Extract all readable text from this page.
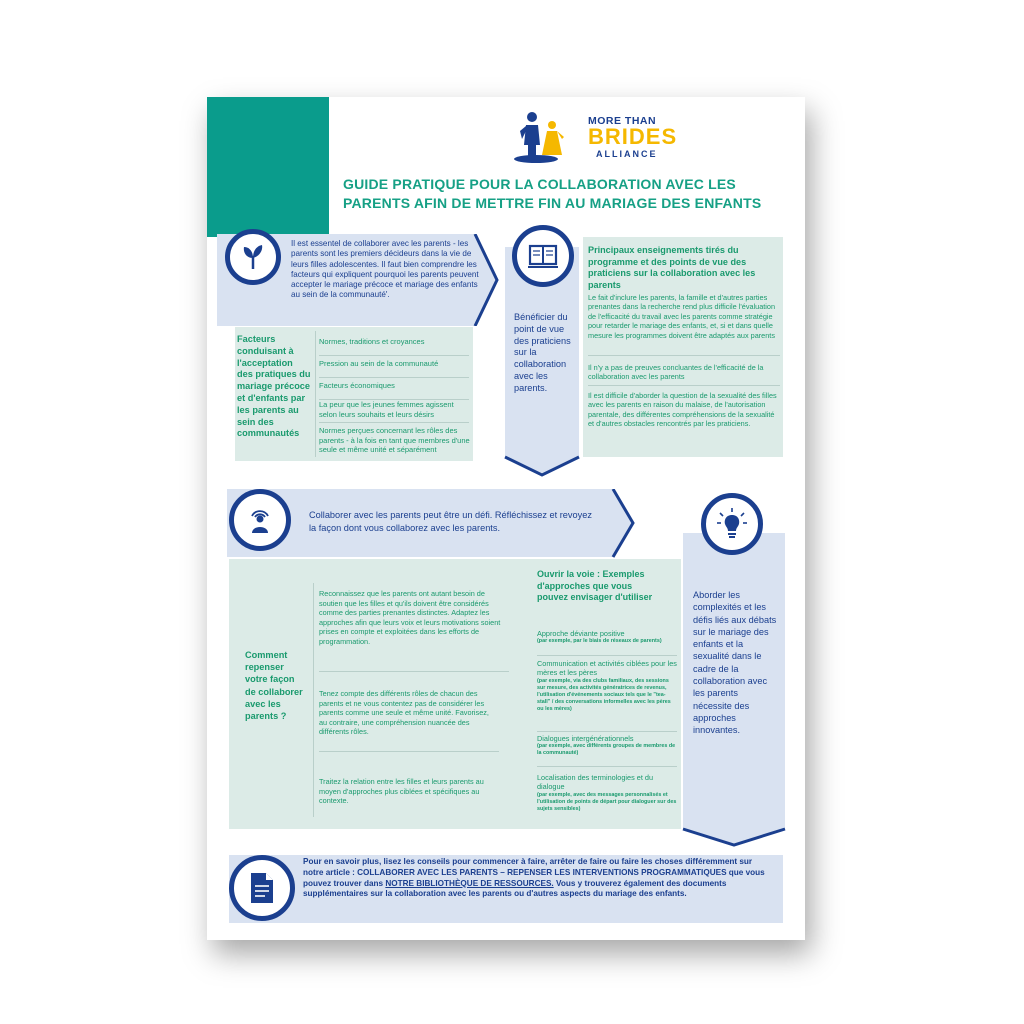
MORE THAN
BRIDES
ALLIANCE
GUIDE PRATIQUE POUR LA COLLABORATION AVEC LES PARENTS AFIN DE METTRE FIN AU MARIAGE DES ENFANTS
Il est essentel de collaborer avec les parents - les parents sont les premiers décideurs dans la vie de leurs filles adolescentes. Il faut bien comprendre les facteurs qui expliquent pourquoi les parents peuvent accepter le mariage précoce et mariage des enfants au sein de la communauté'.
Facteurs conduisant à l'acceptation des pratiques du mariage précoce et d'enfants par les parents au sein des communautés
Normes, traditions et croyances
Pression au sein de la communauté
Facteurs économiques
La peur que les jeunes femmes agissent selon leurs souhaits et leurs désirs
Normes perçues concernant les rôles des parents - à la fois en tant que membres d'une seule et même unité et séparément
Bénéficier du point de vue des praticiens sur la collaboration avec les parents.
Principaux enseignements tirés du programme et des points de vue des praticiens sur la collaboration avec les parents
Le fait d'inclure les parents, la famille et d'autres parties prenantes dans la recherche rend plus difficile l'évaluation de l'efficacité du travail avec les parents comme stratégie pour retarder le mariage des enfants, et, si et dans quelle mesure les programmes doivent être adaptés aux parents
Il n'y a pas de preuves concluantes de l'efficacité de la collaboration avec les parents
Il est difficile d'aborder la question de la sexualité des filles avec les parents en raison du malaise, de l'autorisation parentale, des différentes compréhensions de la sexualité et d'autres obstacles rencontrés par les praticiens.
Collaborer avec les parents peut être un défi. Réfléchissez et revoyez la façon dont vous collaborez avec les parents.
Comment repenser votre façon de collaborer avec les parents ?
Reconnaissez que les parents ont autant besoin de soutien que les filles et qu'ils doivent être considérés comme des parties prenantes distinctes. Adaptez les approches afin que leurs voix et leurs motivations soient prises en compte et exploitées dans les efforts de programmation.
Tenez compte des différents rôles de chacun des parents et ne vous contentez pas de considérer les parents comme une seule et même unité. Favorisez, au contraire, une compréhension nuancée des différents rôles.
Traitez la relation entre les filles et leurs parents au moyen d'approches plus ciblées et spécifiques au contexte.
Ouvrir la voie : Exemples d'approches que vous pouvez envisager d'utiliser
Approche déviante positive
(par exemple, par le biais de réseaux de parents)
Communication et activités ciblées pour les mères et les pères
(par exemple, via des clubs familiaux, des sessions sur mesure, des activités génératrices de revenus, l'utilisation d'événements sociaux tels que le "tea-stall" / des conversations informelles avec les pères ou les mères)
Dialogues intergénérationnels
(par exemple, avec différents groupes de membres de la communauté)
Localisation des terminologies et du dialogue
(par exemple, avec des messages personnalisés et l'utilisation de points de départ pour dialoguer sur des sujets sensibles)
Aborder les complexités et les défis liés aux débats sur le mariage des enfants et la sexualité dans le cadre de la collaboration avec les parents nécessite des approches innovantes.
Pour en savoir plus, lisez les conseils pour commencer à faire, arrêter de faire ou faire les choses différemment sur notre article : COLLABORER AVEC LES PARENTS – REPENSER LES INTERVENTIONS PROGRAMMATIQUES que vous pouvez trouver dans NOTRE BIBLIOTHÈQUE DE RESSOURCES. Vous y trouverez également des documents supplémentaires sur la collaboration avec les parents ou d'autres aspects du mariage des enfants.
